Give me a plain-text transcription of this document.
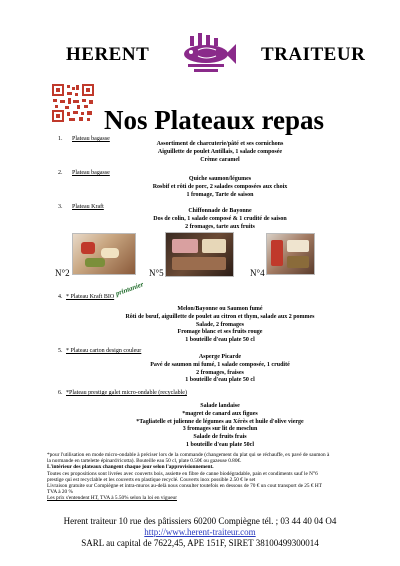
HERENT	TRAITEUR
Nos Plateaux repas
1. Plateau bagasse
Assortiment de charcuterie/pâté et ses cornichons
Aiguillette de poulet Antillais, 1 salade composée
Crème caramel
2. Plateau bagasse
Quiche saumon/légumes
Rosbif et rôti de porc, 2 salades composées aux choix
1 fromage, Tarte de saison
3. Plateau Kraft
Chiffonnade de Bayonne
Dos de colin, 1 salade composé & 1 crudité de saison
2 fromages, tarte aux fruits
N°2	N°5	N°4
4. * Plateau Kraft BIO printanier
Melon/Bayonne ou Saumon fumé
Rôti de bœuf, aiguillette de poulet au citron et thym, salade aux 2 pommes
Salade, 2 fromages
Fromage blanc et ses fruits rouge
1 bouteille d'eau plate 50 cl
5. * Plateau carton design couleur
Asperge Picarde
Pavé de saumon mi fumé, 1 salade composée, 1 crudité
2 fromages, fraises
1 bouteille d'eau plate 50 cl
6. *Plateau prestige galet micro-ondable (recyclable)
Salade landaise
*magret de canard aux figues
*Tagliatelle et julienne de légumes au Xérès et huile d'olive vierge
3 fromages sur lit de mesclun
Salade de fruits frais
1 bouteille d'eau plate 50cl
*pour l'utilisation en mode micro-ondable à préciser lors de la commande (changement du plat qui se réchauffe, ex pavé de saumon à
la normande en tartelette épinard/ricotta). Bouteille eau 50 cl, plate 0.50€ ou gazeuse 0.80€.
L'intérieur des plateaux changent chaque jour selon l'approvisionnement.
Toutes ces propositions sont livrées avec couverts bois, assiette en fibre de canne biodégradable, pain et condiments sauf le N°6
prestige qui est recyclable et les couverts en plastique recyclé. Couverts inox possible 2.50 € le set
Livraison gratuite sur Compiègne et intra-muros au-delà nous consulter toutefois en dessous de 70 € un cout transport de 25 € HT
TVA à 20 %
Les prix s'entendent HT, TVA à 5.50% selon la loi en vigueur
Herent traiteur 10 rue des pâtissiers 60200 Compiègne tél. ; 03 44 40 04 O4
http://www.herent-traiteur.com
SARL au capital de 7622,45, APE 151F, SIRET 38100499300014
